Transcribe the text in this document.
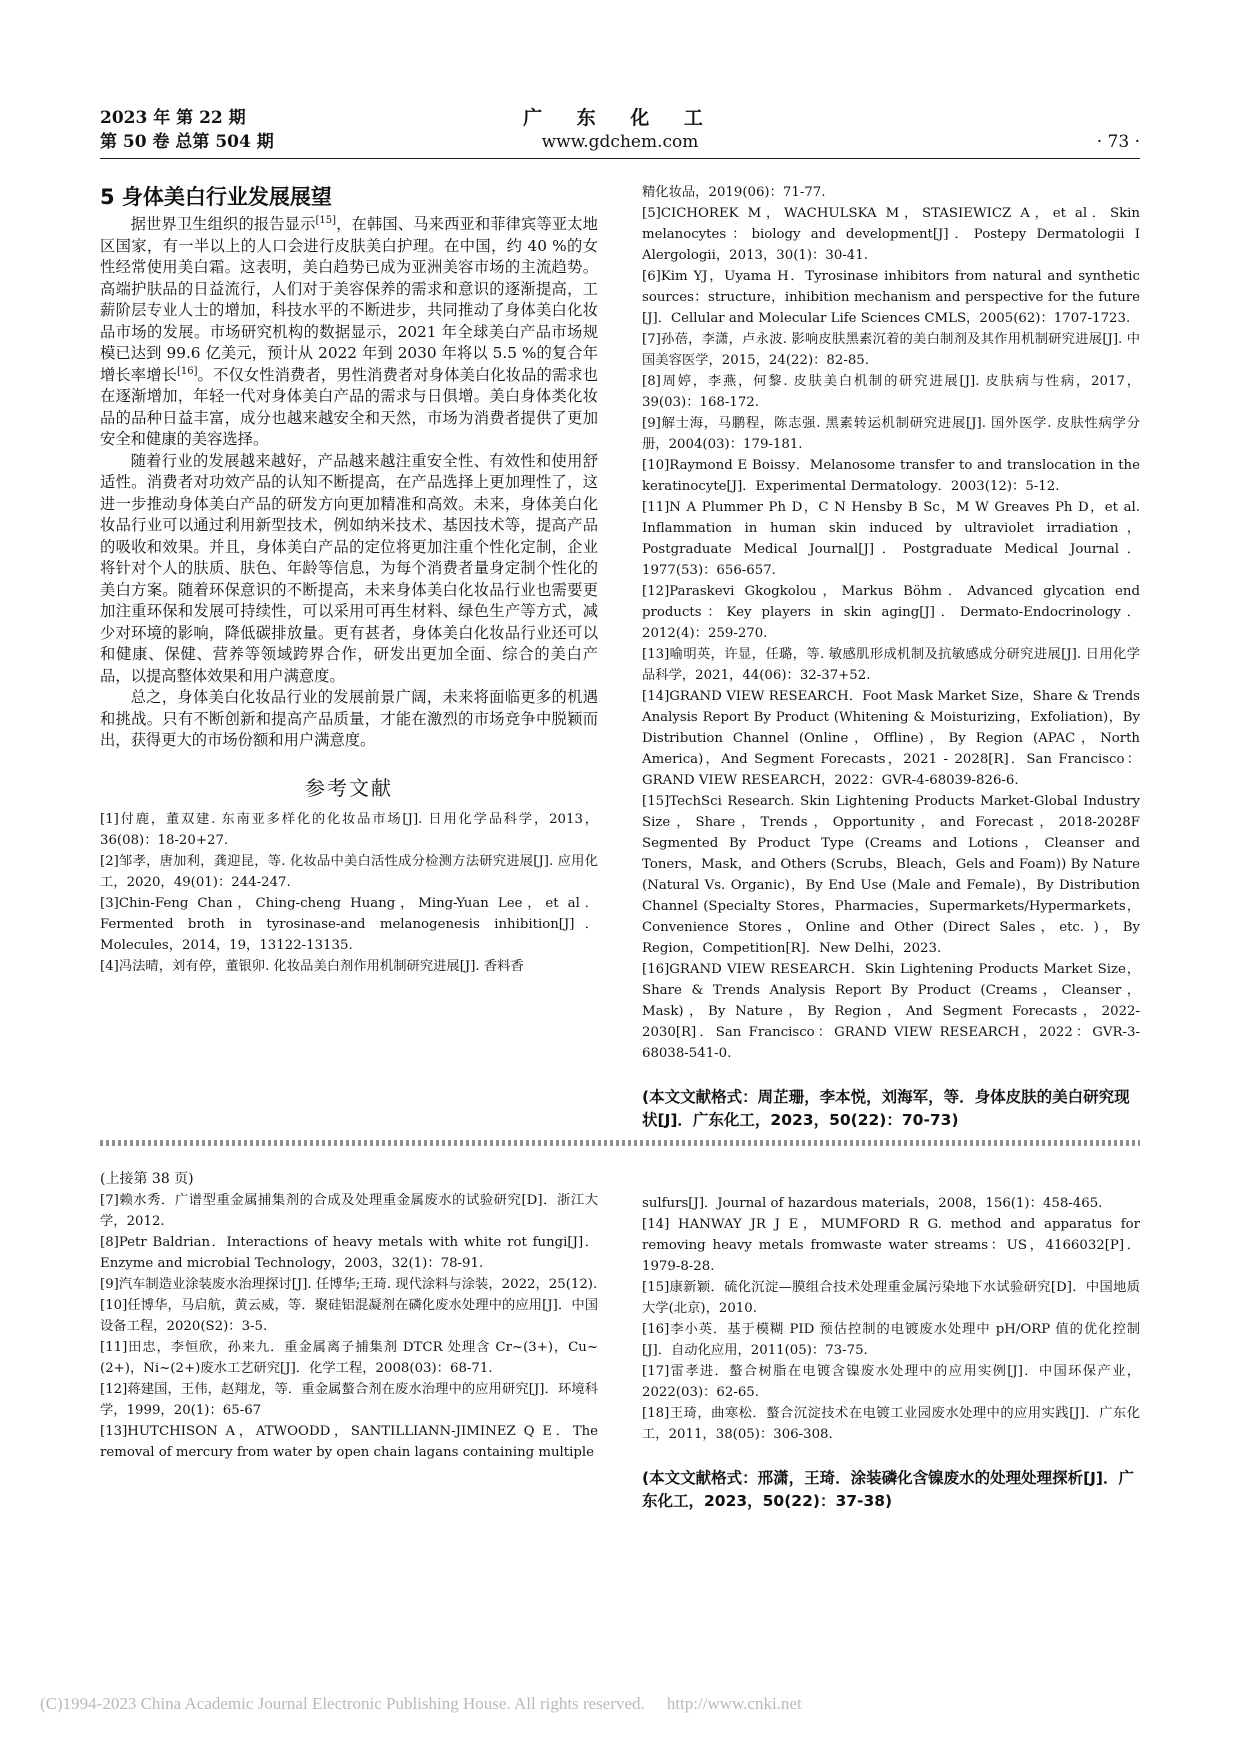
2023 年 第 22 期
第 50 卷 总第 504 期
广 东 化 工
www.gdchem.com	· 73 ·
5 身体美白行业发展展望

据世界卫生组织的报告显示[15]，在韩国、马来西亚和菲律宾等亚太地区国家，有一半以上的人口会进行皮肤美白护理。在中国，约 40 %的女性经常使用美白霜。这表明，美白趋势已成为亚洲美容市场的主流趋势。高端护肤品的日益流行，人们对于美容保养的需求和意识的逐渐提高，工薪阶层专业人士的增加，科技水平的不断进步，共同推动了身体美白化妆品市场的发展。市场研究机构的数据显示，2021 年全球美白产品市场规模已达到 99.6 亿美元，预计从 2022 年到 2030 年将以 5.5 %的复合年增长率增长[16]。不仅女性消费者，男性消费者对身体美白化妆品的需求也在逐渐增加，年轻一代对身体美白产品的需求与日俱增。美白身体类化妆品的品种日益丰富，成分也越来越安全和天然，市场为消费者提供了更加安全和健康的美容选择。

随着行业的发展越来越好，产品越来越注重安全性、有效性和使用舒适性。消费者对功效产品的认知不断提高，在产品选择上更加理性了，这进一步推动身体美白产品的研发方向更加精准和高效。未来，身体美白化妆品行业可以通过利用新型技术，例如纳米技术、基因技术等，提高产品的吸收和效果。并且，身体美白产品的定位将更加注重个性化定制，企业将针对个人的肤质、肤色、年龄等信息，为每个消费者量身定制个性化的美白方案。随着环保意识的不断提高，未来身体美白化妆品行业也需要更加注重环保和发展可持续性，可以采用可再生材料、绿色生产等方式，减少对环境的影响，降低碳排放量。更有甚者，身体美白化妆品行业还可以和健康、保健、营养等领域跨界合作，研发出更加全面、综合的美白产品，以提高整体效果和用户满意度。

总之，身体美白化妆品行业的发展前景广阔，未来将面临更多的机遇和挑战。只有不断创新和提高产品质量，才能在激烈的市场竞争中脱颖而出，获得更大的市场份额和用户满意度。

参考文献

[1]付鹿，董双建. 东南亚多样化的化妆品市场[J]. 日用化学品科学，2013，36(08)：18-20+27.

[2]邹孝，唐加利，龚迎昆，等. 化妆品中美白活性成分检测方法研究进展[J]. 应用化工，2020，49(01)：244-247.

[3]Chin-Feng Chan，Ching-cheng Huang，Ming-Yuan Lee，et al．Fermented broth in tyrosinase-and melanogenesis inhibition[J]．Molecules，2014，19，13122-13135.

[4]冯法晴，刘有停，董银卯. 化妆品美白剂作用机制研究进展[J]. 香料香

精化妆品，2019(06)：71-77.

[5]CICHOREK M，WACHULSKA M，STASIEWICZ A，et al．Skin melanocytes：biology and development[J]．Postepy Dermatologii I Alergologii，2013，30(1)：30-41.

[6]Kim YJ，Uyama H．Tyrosinase inhibitors from natural and synthetic sources：structure，inhibition mechanism and perspective for the future [J]．Cellular and Molecular Life Sciences CMLS，2005(62)：1707-1723.

[7]孙蓓，李潇，卢永波. 影响皮肤黑素沉着的美白制剂及其作用机制研究进展[J]. 中国美容医学，2015，24(22)：82-85.

[8]周婷，李燕，何黎. 皮肤美白机制的研究进展[J]. 皮肤病与性病，2017，39(03)：168-172.

[9]解士海，马鹏程，陈志强. 黑素转运机制研究进展[J]. 国外医学. 皮肤性病学分册，2004(03)：179-181.

[10]Raymond E Boissy．Melanosome transfer to and translocation in the keratinocyte[J]．Experimental Dermatology．2003(12)：5-12.

[11]N A Plummer Ph D，C N Hensby B Sc，M W Greaves Ph D，et al. Inflammation in human skin induced by ultraviolet irradiation，Postgraduate Medical Journal[J]．Postgraduate Medical Journal．1977(53)：656-657.

[12]Paraskevi Gkogkolou，Markus Böhm．Advanced glycation end products：Key players in skin aging[J]．Dermato-Endocrinology．2012(4)：259-270.

[13]喻明英，许显，任璐，等. 敏感肌形成机制及抗敏感成分研究进展[J]. 日用化学品科学，2021，44(06)：32-37+52.

[14]GRAND VIEW RESEARCH．Foot Mask Market Size，Share & Trends Analysis Report By Product (Whitening & Moisturizing，Exfoliation)，By Distribution Channel (Online，Offline)，By Region (APAC，North America)，And Segment Forecasts，2021 - 2028[R]．San Francisco：GRAND VIEW RESEARCH，2022：GVR-4-68039-826-6.

[15]TechSci Research. Skin Lightening Products Market-Global Industry Size，Share，Trends，Opportunity，and Forecast，2018-2028F Segmented By Product Type (Creams and Lotions，Cleanser and Toners，Mask，and Others (Scrubs，Bleach，Gels and Foam)) By Nature (Natural Vs. Organic)，By End Use (Male and Female)，By Distribution Channel (Specialty Stores，Pharmacies，Supermarkets/Hypermarkets，Convenience Stores，Online and Other (Direct Sales，etc. )，By Region，Competition[R]．New Delhi，2023.

[16]GRAND VIEW RESEARCH．Skin Lightening Products Market Size，Share & Trends Analysis Report By Product (Creams，Cleanser，Mask)，By Nature，By Region，And Segment Forecasts，2022-2030[R]．San Francisco：GRAND VIEW RESEARCH，2022：GVR-3-68038-541-0.

(本文文献格式：周芷珊，李本悦，刘海军，等．身体皮肤的美白研究现状[J]．广东化工，2023，50(22)：70-73)

(上接第 38 页)

[7]赖水秀．广谱型重金属捕集剂的合成及处理重金属废水的试验研究[D]．浙江大学，2012.

[8]Petr Baldrian．Interactions of heavy metals with white rot fungi[J]．Enzyme and microbial Technology，2003，32(1)：78-91.

[9]汽车制造业涂装废水治理探讨[J]. 任博华;王琦. 现代涂料与涂装，2022，25(12).

[10]任博华，马启航，黄云威，等．聚硅铝混凝剂在磷化废水处理中的应用[J]．中国设备工程，2020(S2)：3-5.

[11]田忠，李恒欣，孙来九．重金属离子捕集剂 DTCR 处理含 Cr~(3+)，Cu~(2+)，Ni~(2+)废水工艺研究[J]．化学工程，2008(03)：68-71.

[12]蒋建国，王伟，赵翔龙，等．重金属螯合剂在废水治理中的应用研究[J]．环境科学，1999，20(1)：65-67

[13]HUTCHISON A，ATWOODD，SANTILLIANN-JIMINEZ Q E．The removal of mercury from water by open chain lagans containing multiple

sulfurs[J]．Journal of hazardous materials，2008，156(1)：458-465.

[14] HANWAY JR J E，MUMFORD R G. method and apparatus for removing heavy metals fromwaste water streams：US，4166032[P]．1979-8-28.

[15]康新颖．硫化沉淀—膜组合技术处理重金属污染地下水试验研究[D]．中国地质大学(北京)，2010.

[16]李小英．基于模糊 PID 预估控制的电镀废水处理中 pH/ORP 值的优化控制[J]．自动化应用，2011(05)：73-75.

[17]雷孝进．螯合树脂在电镀含镍废水处理中的应用实例[J]．中国环保产业，2022(03)：62-65.

[18]王琦，曲寒松．螯合沉淀技术在电镀工业园废水处理中的应用实践[J]．广东化工，2011，38(05)：306-308.

(本文文献格式：邢潇，王琦．涂装磷化含镍废水的处理处理探析[J]．广东化工，2023，50(22)：37-38)
(C)1994-2023 China Academic Journal Electronic Publishing House. All rights reserved. http://www.cnki.net
